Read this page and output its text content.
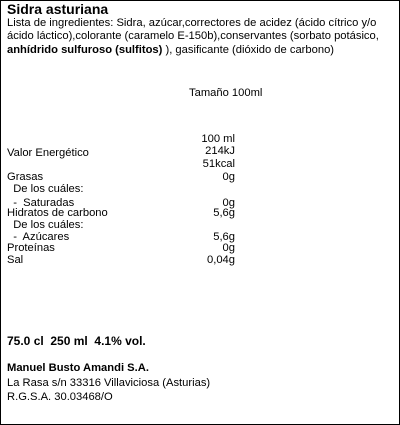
Sidra asturiana
Lista de ingredientes: Sidra, azúcar,correctores de acidez (ácido cítrico y/o ácido láctico),colorante (caramelo E-150b),conservantes (sorbato potásico, anhídrido sulfuroso (sulfitos) ), gasificante (dióxido de carbono)
Tamaño 100ml
100 ml
Valor Energético	214kJ
51kcal
Grasas	0g
De los cuáles:
-  Saturadas	0g
Hidratos de carbono	5,6g
De los cuáles:
-  Azúcares	5,6g
Proteínas	0g
Sal	0,04g
75.0 cl  250 ml  4.1% vol.
Manuel Busto Amandi S.A.
La Rasa s/n 33316 Villaviciosa (Asturias)
R.G.S.A. 30.03468/O
